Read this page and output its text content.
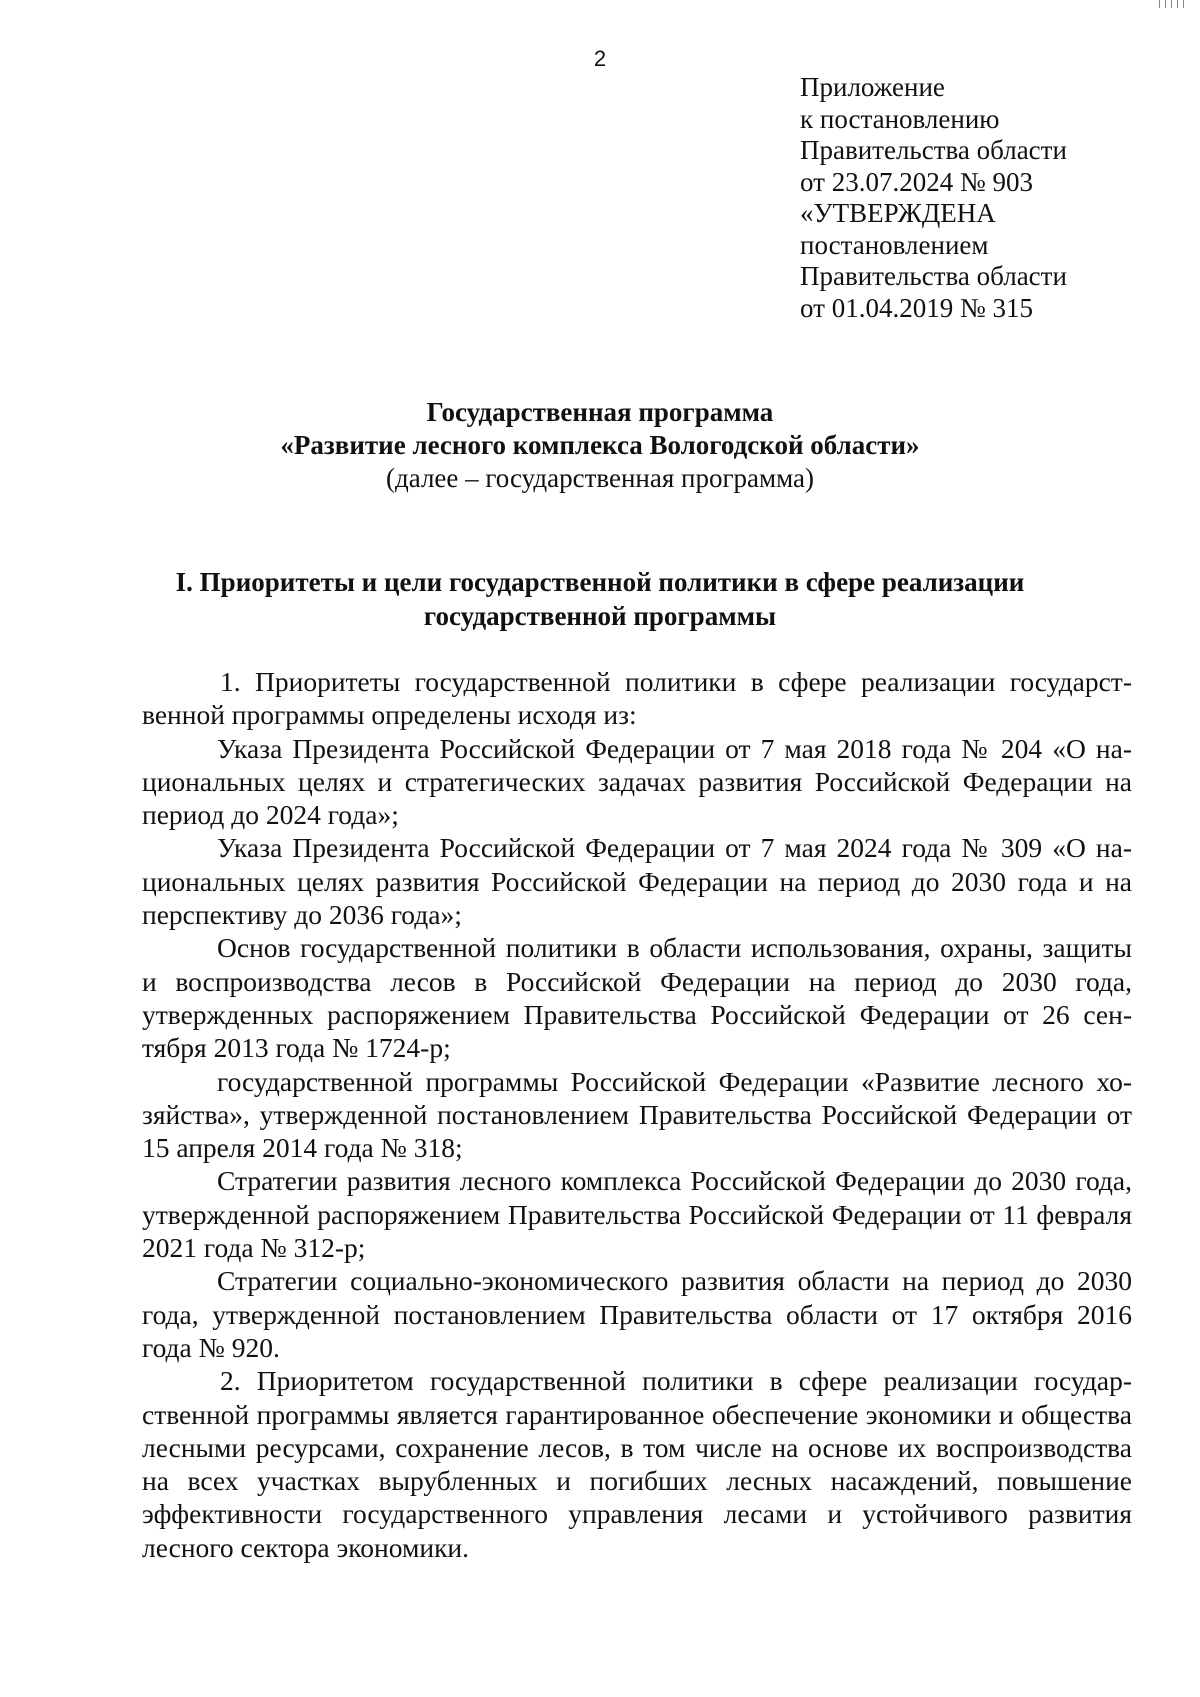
2
Приложение
к постановлению
Правительства области
от 23.07.2024 № 903
«УТВЕРЖДЕНА
постановлением
Правительства области
от 01.04.2019 № 315
Государственная программа
«Развитие лесного комплекса Вологодской области»
(далее – государственная программа)
I. Приоритеты и цели государственной политики в сфере реализации
государственной программы

1. Приоритеты государственной политики в сфере реализации государственной программы определены исходя из:

Указа Президента Российской Федерации от 7 мая 2018 года № 204 «О национальных целях и стратегических задачах развития Российской Федерации на период до 2024 года»;

Указа Президента Российской Федерации от 7 мая 2024 года № 309 «О национальных целях развития Российской Федерации на период до 2030 года и на перспективу до 2036 года»;

Основ государственной политики в области использования, охраны, защиты и воспроизводства лесов в Российской Федерации на период до 2030 года, утвержденных распоряжением Правительства Российской Федерации от 26 сентября 2013 года № 1724-р;

государственной программы Российской Федерации «Развитие лесного хозяйства», утвержденной постановлением Правительства Российской Федерации от 15 апреля 2014 года № 318;

Стратегии развития лесного комплекса Российской Федерации до 2030 года, утвержденной распоряжением Правительства Российской Федерации от 11 февраля 2021 года № 312-р;

Стратегии социально-экономического развития области на период до 2030 года, утвержденной постановлением Правительства области от 17 октября 2016 года № 920.

2. Приоритетом государственной политики в сфере реализации государственной программы является гарантированное обеспечение экономики и общества лесными ресурсами, сохранение лесов, в том числе на основе их воспроизводства на всех участках вырубленных и погибших лесных насаждений, повышение эффективности государственного управления лесами и устойчивого развития лесного сектора экономики.
